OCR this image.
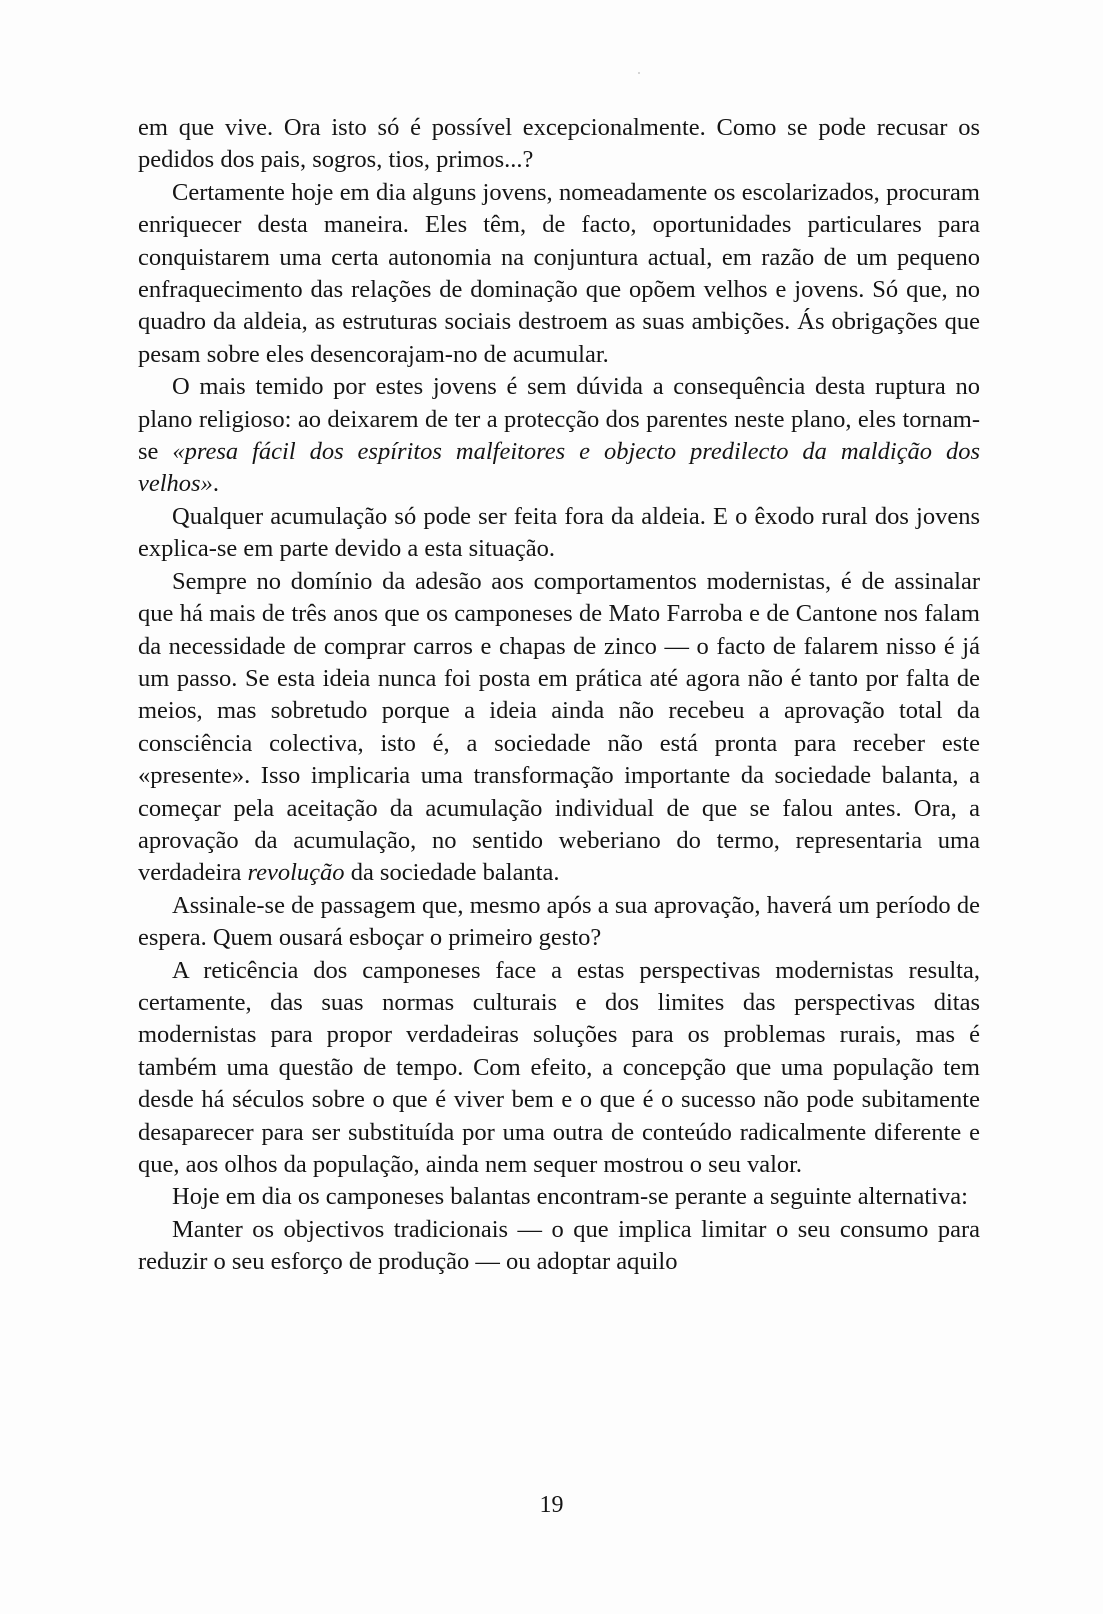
em que vive. Ora isto só é possível excepcionalmente. Como se pode recusar os pedidos dos pais, sogros, tios, primos...?

Certamente hoje em dia alguns jovens, nomeadamente os escolarizados, procuram enriquecer desta maneira. Eles têm, de facto, oportunidades particulares para conquistarem uma certa autonomia na conjuntura actual, em razão de um pequeno enfraquecimento das relações de dominação que opõem velhos e jovens. Só que, no quadro da aldeia, as estruturas sociais destroem as suas ambições. Ás obrigações que pesam sobre eles desencorajam-no de acumular.

O mais temido por estes jovens é sem dúvida a consequência desta ruptura no plano religioso: ao deixarem de ter a protecção dos parentes neste plano, eles tornam-se «presa fácil dos espíritos malfeitores e objecto predilecto da maldição dos velhos».

Qualquer acumulação só pode ser feita fora da aldeia. E o êxodo rural dos jovens explica-se em parte devido a esta situação.

Sempre no domínio da adesão aos comportamentos modernistas, é de assinalar que há mais de três anos que os camponeses de Mato Farroba e de Cantone nos falam da necessidade de comprar carros e chapas de zinco — o facto de falarem nisso é já um passo. Se esta ideia nunca foi posta em prática até agora não é tanto por falta de meios, mas sobretudo porque a ideia ainda não recebeu a aprovação total da consciência colectiva, isto é, a sociedade não está pronta para receber este «presente». Isso implicaria uma transformação importante da sociedade balanta, a começar pela aceitação da acumulação individual de que se falou antes. Ora, a aprovação da acumulação, no sentido weberiano do termo, representaria uma verdadeira revolução da sociedade balanta.

Assinale-se de passagem que, mesmo após a sua aprovação, haverá um período de espera. Quem ousará esboçar o primeiro gesto?

A reticência dos camponeses face a estas perspectivas modernistas resulta, certamente, das suas normas culturais e dos limites das perspectivas ditas modernistas para propor verdadeiras soluções para os problemas rurais, mas é também uma questão de tempo. Com efeito, a concepção que uma população tem desde há séculos sobre o que é viver bem e o que é o sucesso não pode subitamente desaparecer para ser substituída por uma outra de conteúdo radicalmente diferente e que, aos olhos da população, ainda nem sequer mostrou o seu valor.

Hoje em dia os camponeses balantas encontram-se perante a seguinte alternativa:

Manter os objectivos tradicionais — o que implica limitar o seu consumo para reduzir o seu esforço de produção — ou adoptar aquilo

19
